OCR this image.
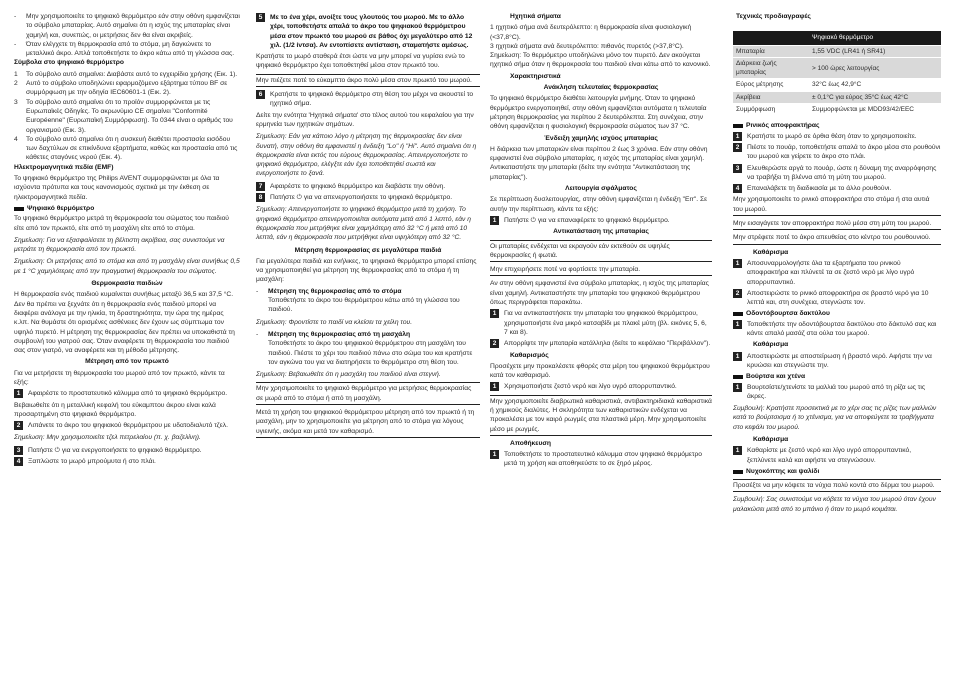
-	Μην χρησιμοποιείτε το ψηφιακό θερμόμετρο εάν στην οθόνη εμφανίζεται το σύμβολο μπαταρίας. Αυτό σημαίνει ότι η ισχύς της μπαταρίας είναι χαμηλή και, συνεπώς, οι μετρήσεις δεν θα είναι ακριβείς.
-	Όταν ελέγχετε τη θερμοκρασία από το στόμα, μη δαγκώνετε το μεταλλικό άκρο. Απλά τοποθετήστε το άκρο κάτω από τη γλώσσα σας.

Σύμβολα στο ψηφιακό θερμόμετρο

1	Το σύμβολο αυτό σημαίνει: Διαβάστε αυτό το εγχειρίδιο χρήσης (Εικ. 1).
2	Αυτό το σύμβολο υποδηλώνει εφαρμοζόμενο εξάρτημα τύπου BF σε συμμόρφωση με την οδηγία IEC60601-1 (Εικ. 2).
3	Το σύμβολο αυτό σημαίνει ότι το προϊόν συμμορφώνεται με τις Ευρωπαϊκές Οδηγίες. Το ακρωνύμιο CE σημαίνει "Conformité Européenne" (Ευρωπαϊκή Συμμόρφωση). Το 0344 είναι ο αριθμός του οργανισμού (Εικ. 3).
4	Το σύμβολο αυτό σημαίνει ότι η συσκευή διαθέτει προστασία εισόδου των δαχτύλων σε επικίνδυνα εξαρτήματα, καθώς και προστασία από τις κάθετες σταγόνες νερού (Εικ. 4).

Ηλεκτρομαγνητικά πεδία (EMF)

Το ψηφιακό θερμόμετρο της Philips AVENT συμμορφώνεται με όλα τα ισχύοντα πρότυπα και τους κανονισμούς σχετικά με την έκθεση σε ηλεκτρομαγνητικά πεδία.

Ψηφιακό θερμόμετρο

Το ψηφιακό θερμόμετρο μετρά τη θερμοκρασία του σώματος του παιδιού είτε από τον πρωκτό, είτε από τη μασχάλη είτε από το στόμα.

Σημείωση: Για να εξασφαλίσετε τη βέλτιστη ακρίβεια, σας συνιστούμε να μετράτε τη θερμοκρασία από τον πρωκτό.

Σημείωση: Οι μετρήσεις από το στόμα και από τη μασχάλη είναι συνήθως 0,5 με 1 °C χαμηλότερες από την πραγματική θερμοκρασία του σώματος.

Θερμοκρασία παιδιών

Η θερμοκρασία ενός παιδιού κυμαίνεται συνήθως μεταξύ 36,5 και 37,5 °C. Δεν θα πρέπει να ξεχνάτε ότι η θερμοκρασία ενός παιδιού μπορεί να διαφέρει ανάλογα με την ηλικία, τη δραστηριότητα, την ώρα της ημέρας κ.λπ. Να θυμάστε ότι ορισμένες ασθένειες δεν έχουν ως σύμπτωμα τον υψηλό πυρετό. Η μέτρηση της θερμοκρασίας δεν πρέπει να υποκαθιστά τη συμβουλή του γιατρού σας. Όταν αναφέρετε τη θερμοκρασία του παιδιού σας στον γιατρό, να αναφέρετε και τη μέθοδο μέτρησης.

Μέτρηση από τον πρωκτό

Για να μετρήσετε τη θερμοκρασία του μωρού από τον πρωκτό, κάντε τα εξής:

1	Αφαιρέστε το προστατευτικό κάλυμμα από το ψηφιακό θερμόμετρο.

Βεβαιωθείτε ότι η μεταλλική κεφαλή του εύκαμπτου άκρου είναι καλά προσαρτημένη στο ψηφιακό θερμόμετρο.

2	Λιπάνετε το άκρο του ψηφιακού θερμόμετρου με υδατοδιαλυτό τζελ.

Σημείωση: Μην χρησιμοποιείτε τζελ πετρελαίου (π. χ. βαζελίνη).

3	Πατήστε ⏻ για να ενεργοποιήσετε το ψηφιακό θερμόμετρο.
4	Ξαπλώστε το μωρό μπρούμυτα ή στο πλάι.
5	Με το ένα χέρι, ανοίξτε τους γλουτούς του μωρού. Με το άλλο χέρι, τοποθετήστε απαλά το άκρο του ψηφιακού θερμόμετρου μέσα στον πρωκτό του μωρού σε βάθος όχι μεγαλύτερο από 12 χιλ. (1/2 ίντσα). Αν εντοπίσετε αντίσταση, σταματήστε αμέσως.

Κρατήστε το μωρό σταθερά έτσι ώστε να μην μπορεί να γυρίσει ενώ το ψηφιακό θερμόμετρο έχει τοποθετηθεί μέσα στον πρωκτό του.

Μην πιέζετε ποτέ το εύκαμπτο άκρο πολύ μέσα στον πρωκτό του μωρού.

6	Κρατήστε το ψηφιακό θερμόμετρο στη θέση του μέχρι να ακουστεί το ηχητικό σήμα.

Δείτε την ενότητα 'Ηχητικά σήματα' στο τέλος αυτού του κεφαλαίου για την ερμηνεία των ηχητικών σημάτων.

Σημείωση: Εάν για κάποιο λόγο η μέτρηση της θερμοκρασίας δεν είναι δυνατή, στην οθόνη θα εμφανιστεί η ένδειξη "Lo" ή "Hi". Αυτό σημαίνει ότι η θερμοκρασία είναι εκτός του εύρους θερμοκρασίας. Απενεργοποιήστε το ψηφιακό θερμόμετρο, ελέγξτε εάν έχει τοποθετηθεί σωστά και ενεργοποιήστε το ξανά.

7	Αφαιρέστε το ψηφιακό θερμόμετρο και διαβάστε την οθόνη.
8	Πατήστε ⏻ για να απενεργοποιήσετε το ψηφιακό θερμόμετρο.

Σημείωση: Απενεργοποιήστε το ψηφιακό θερμόμετρο μετά τη χρήση. Το ψηφιακό θερμόμετρο απενεργοποιείται αυτόματα μετά από 1 λεπτό, εάν η θερμοκρασία που μετρήθηκε είναι χαμηλότερη από 32 °C ή μετά από 10 λεπτά, εάν η θερμοκρασία που μετρήθηκε είναι υψηλότερη από 32 °C.

Μέτρηση θερμοκρασίας σε μεγαλύτερα παιδιά

Για μεγαλύτερα παιδιά και ενήλικες, το ψηφιακό θερμόμετρο μπορεί επίσης να χρησιμοποιηθεί για μέτρηση της θερμοκρασίας από το στόμα ή τη μασχάλη:

-	Μέτρηση της θερμοκρασίας από το στόμα

Τοποθετήστε το άκρο του θερμόμετρου κάτω από τη γλώσσα του παιδιού.

Σημείωση: Φροντίστε το παιδί να κλείσει τα χείλη του.

-	Μέτρηση της θερμοκρασίας από τη μασχάλη

Τοποθετήστε το άκρο του ψηφιακού θερμόμετρου στη μασχάλη του παιδιού. Πιέστε το χέρι του παιδιού πάνω στο σώμα του και κρατήστε τον αγκώνα του για να διατηρήσετε το θερμόμετρο στη θέση του.

Σημείωση: Βεβαιωθείτε ότι η μασχάλη του παιδιού είναι στεγνή.

Μην χρησιμοποιείτε το ψηφιακό θερμόμετρο για μετρήσεις θερμοκρασίας σε μωρά από το στόμα ή από τη μασχάλη.

Μετά τη χρήση του ψηφιακού θερμόμετρου μέτρηση από τον πρωκτό ή τη μασχάλη, μην το χρησιμοποιείτε για μέτρηση από το στόμα για λόγους υγιεινής, ακόμα και μετά τον καθαρισμό.

Ηχητικά σήματα

1 ηχητικό σήμα ανά δευτερόλεπτο: η θερμοκρασία είναι φυσιολογική (<37,8°C).
3 ηχητικά σήματα ανά δευτερόλεπτο: πιθανός πυρετός (>37,8°C).
Σημείωση: Το θερμόμετρο υποδηλώνει μόνο τον πυρετό. Δεν ακούγεται ηχητικό σήμα όταν η θερμοκρασία του παιδιού είναι κάτω από το κανονικό.

Χαρακτηριστικά

Ανάκληση τελευταίας θερμοκρασίας

Το ψηφιακό θερμόμετρο διαθέτει λειτουργία μνήμης. Όταν το ψηφιακό θερμόμετρο ενεργοποιηθεί, στην οθόνη εμφανίζεται αυτόματα η τελευταία μέτρηση θερμοκρασίας για περίπου 2 δευτερόλεπτα. Στη συνέχεια, στην οθόνη εμφανίζεται η φυσιολογική θερμοκρασία σώματος των 37 °C.

Ένδειξη χαμηλής ισχύος μπαταρίας

Η διάρκεια των μπαταριών είναι περίπου 2 έως 3 χρόνια. Εάν στην οθόνη εμφανιστεί ένα σύμβολο μπαταρίας, η ισχύς της μπαταρίας είναι χαμηλή. Αντικαταστήστε την μπαταρία (δείτε την ενότητα "Αντικατάσταση της μπαταρίας").

Λειτουργία σφάλματος

Σε περίπτωση δυσλειτουργίας, στην οθόνη εμφανίζεται η ένδειξη "Err". Σε αυτήν την περίπτωση, κάντε τα εξής:

1	Πατήστε ⏻ για να επαναφέρετε το ψηφιακό θερμόμετρο.

Αντικατάσταση της μπαταρίας

Οι μπαταρίες ενδέχεται να εκραγούν εάν εκτεθούν σε υψηλές θερμοκρασίες ή φωτιά.

Μην επιχειρήσετε ποτέ να φορτίσετε την μπαταρία.

Αν στην οθόνη εμφανιστεί ένα σύμβολο μπαταρίας, η ισχύς της μπαταρίας είναι χαμηλή. Αντικαταστήστε την μπαταρία του ψηφιακού θερμόμετρου όπως περιγράφεται παρακάτω.

1	Για να αντικαταστήσετε την μπαταρία του ψηφιακού θερμόμετρου, χρησιμοποιήστε ένα μικρό κατσαβίδι με πλακέ μύτη (βλ. εικόνες 5, 6, 7 και 8).
2	Απορρίψτε την μπαταρία κατάλληλα (δείτε το κεφάλαιο "Περιβάλλον").

Καθαρισμός

Προσέχετε μην προκαλέσετε φθορές στα μέρη του ψηφιακού θερμόμετρου κατά τον καθαρισμό.

1	Χρησιμοποιήστε ζεστό νερό και λίγο υγρό απορρυπαντικό.

Μην χρησιμοποιείτε διαβρωτικά καθαριστικά, αντιβακτηριδιακά καθαριστικά ή χημικούς διαλύτες. Η σκληρότητα των καθαριστικών ενδέχεται να προκαλέσει με τον καιρό ρωγμές στα πλαστικά μέρη. Μην χρησιμοποιείτε μέσο με ρωγμές.

Αποθήκευση

1	Τοποθετήστε το προστατευτικό κάλυμμα στον ψηφιακό θερμόμετρο μετά τη χρήση και αποθηκεύστε το σε ξηρό μέρος.

Τεχνικές προδιαγραφές

	Ψηφιακό θερμόμετρο
Μπαταρία	1,55 VDC (LR41 ή SR41)
Διάρκεια ζωής μπαταρίας	> 100 ώρες λειτουργίας
Εύρος μέτρησης	32°C έως 42,9°C
Ακρίβεια	± 0,1°C για εύρος 35°C έως 42°C
Συμμόρφωση	Συμμορφώνεται με MDD93/42/EEC
Ρινικός αποφρακτήρας
1	Κρατήστε το μωρό σε όρθια θέση όταν το χρησιμοποιείτε.
2	Πιέστε το πουάρ, τοποθετήστε απαλά το άκρο μέσα στο ρουθούνι του μωρού και γείρετε το άκρο στο πλάι.
3	Ελευθερώστε αργά το πουάρ, ώστε η δύναμη της αναρρόφησης να τραβήξει τη βλέννα από τη μύτη του μωρού.
4	Επαναλάβετε τη διαδικασία με το άλλο ρουθούνι.

Μην χρησιμοποιείτε το ρινικό αποφρακτήρα στο στόμα ή στα αυτιά του μωρού.

Μην εισαγάγετε τον αποφρακτήρα πολύ μέσα στη μύτη του μωρού.

Μην στρέφετε ποτέ το άκρο απευθείας στο κέντρο του ρουθουνιού.

Καθάρισμα

1	Αποσυναρμολογήστε όλα τα εξαρτήματα του ρινικού αποφρακτήρα και πλύνετέ τα σε ζεστό νερό με λίγο υγρό απορρυπαντικό.
2	Αποστειρώστε το ρινικό αποφρακτήρα σε βραστό νερό για 10 λεπτά και, στη συνέχεια, στεγνώστε τον.
Οδοντόβουρτσα δακτύλου
1	Τοποθετήστε την οδοντόβουρτσα δακτύλου στο δάκτυλό σας και κάντε απαλό μασάζ στα ούλα του μωρού.

Καθάρισμα

1	Αποστειρώστε με αποστείρωση ή βραστό νερό. Αφήστε την να κρυώσει και στεγνώστε την.
Βούρτσα και χτένα
1	Βουρτσίστε/χτενίστε τα μαλλιά του μωρού από τη ρίζα ως τις άκρες.

Συμβουλή: Κρατήστε προσεκτικά με το χέρι σας τις ρίζες των μαλλιών κατά το βούρτσισμα ή το χτένισμα, για να αποφεύγετε τα τραβήγματα στο κεφάλι του μωρού.

Καθάρισμα

1	Καθαρίστε με ζεστό νερό και λίγο υγρό απορρυπαντικό, ξεπλύνετε καλά και αφήστε να στεγνώσουν.
Νυχοκόπτης και ψαλίδι

Προσέξτε να μην κόψετε τα νύχια πολύ κοντά στο δέρμα του μωρού.

Συμβουλή: Σας συνιστούμε να κόβετε τα νύχια του μωρού όταν έχουν μαλακώσει μετά από το μπάνιο ή όταν το μωρό κοιμάται.
